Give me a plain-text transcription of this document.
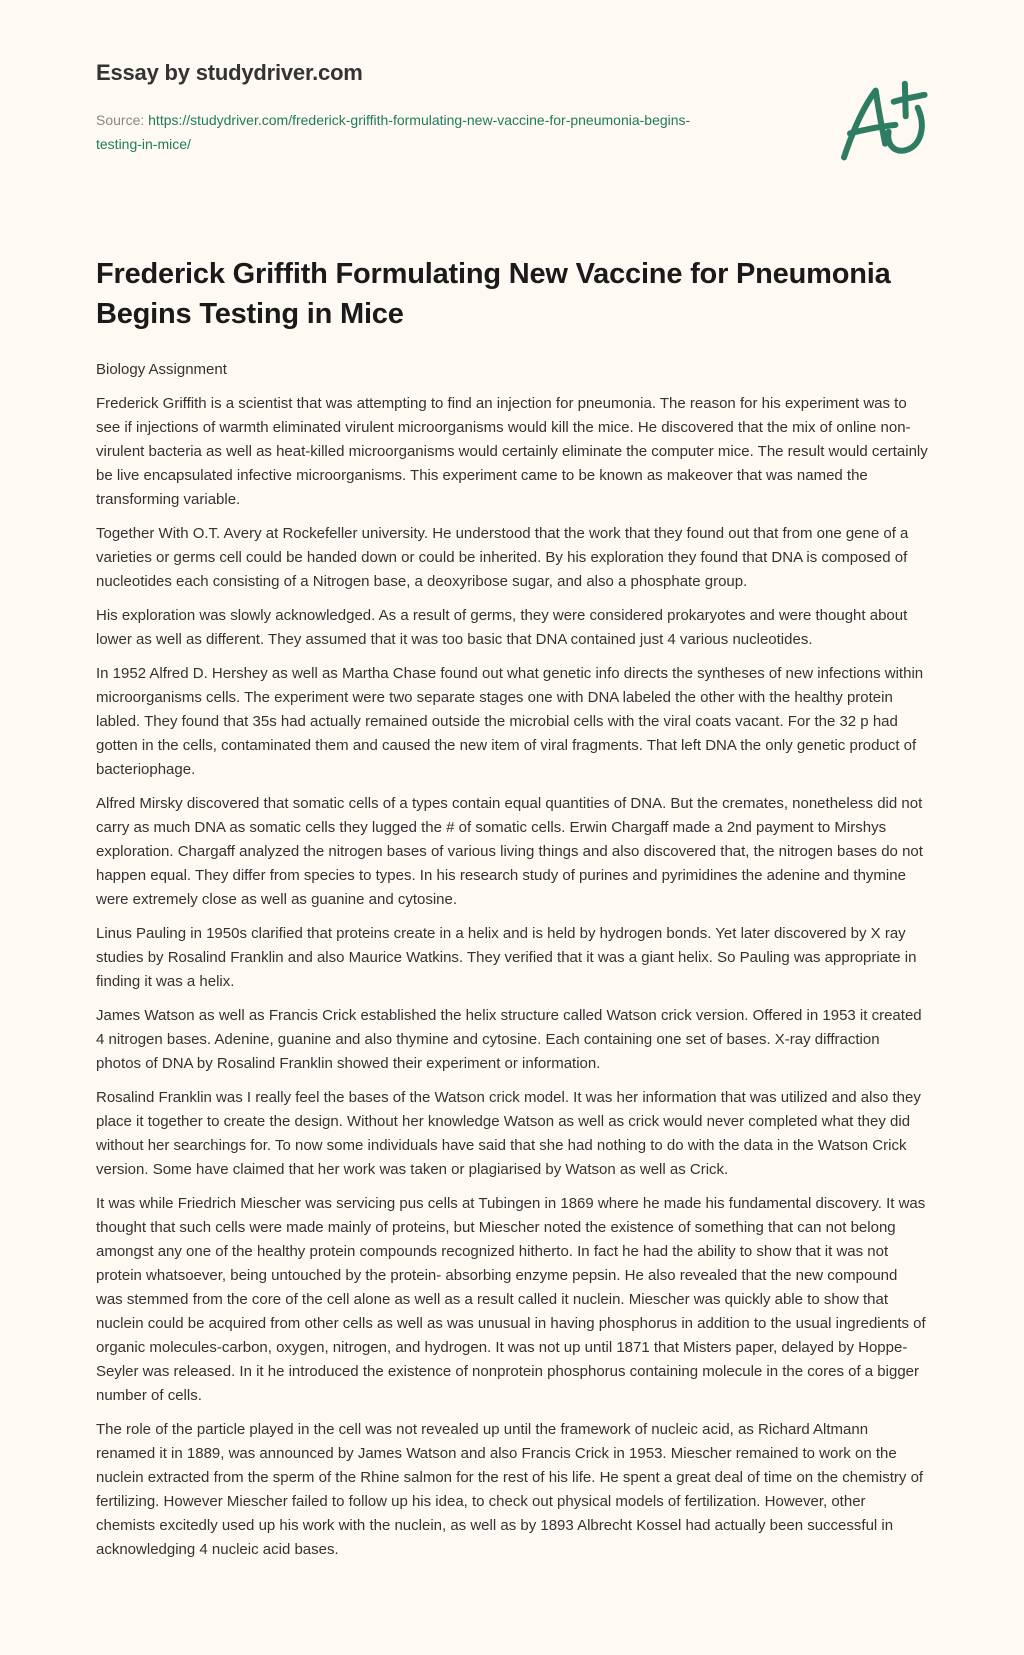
Essay by studydriver.com
Source: https://studydriver.com/frederick-griffith-formulating-new-vaccine-for-pneumonia-begins-testing-in-mice/
Frederick Griffith Formulating New Vaccine for Pneumonia Begins Testing in Mice

Biology Assignment

Frederick Griffith is a scientist that was attempting to find an injection for pneumonia. The reason for his experiment was to see if injections of warmth eliminated virulent microorganisms would kill the mice. He discovered that the mix of online non-virulent bacteria as well as heat-killed microorganisms would certainly eliminate the computer mice. The result would certainly be live encapsulated infective microorganisms. This experiment came to be known as makeover that was named the transforming variable.

Together With O.T. Avery at Rockefeller university. He understood that the work that they found out that from one gene of a varieties or germs cell could be handed down or could be inherited. By his exploration they found that DNA is composed of nucleotides each consisting of a Nitrogen base, a deoxyribose sugar, and also a phosphate group.

His exploration was slowly acknowledged. As a result of germs, they were considered prokaryotes and were thought about lower as well as different. They assumed that it was too basic that DNA contained just 4 various nucleotides.

In 1952 Alfred D. Hershey as well as Martha Chase found out what genetic info directs the syntheses of new infections within microorganisms cells. The experiment were two separate stages one with DNA labeled the other with the healthy protein labled. They found that 35s had actually remained outside the microbial cells with the viral coats vacant. For the 32 p had gotten in the cells, contaminated them and caused the new item of viral fragments. That left DNA the only genetic product of bacteriophage.

Alfred Mirsky discovered that somatic cells of a types contain equal quantities of DNA. But the cremates, nonetheless did not carry as much DNA as somatic cells they lugged the # of somatic cells. Erwin Chargaff made a 2nd payment to Mirshys exploration. Chargaff analyzed the nitrogen bases of various living things and also discovered that, the nitrogen bases do not happen equal. They differ from species to types. In his research study of purines and pyrimidines the adenine and thymine were extremely close as well as guanine and cytosine.

Linus Pauling in 1950s clarified that proteins create in a helix and is held by hydrogen bonds. Yet later discovered by X ray studies by Rosalind Franklin and also Maurice Watkins. They verified that it was a giant helix. So Pauling was appropriate in finding it was a helix.

James Watson as well as Francis Crick established the helix structure called Watson crick version. Offered in 1953 it created 4 nitrogen bases. Adenine, guanine and also thymine and cytosine. Each containing one set of bases. X-ray diffraction photos of DNA by Rosalind Franklin showed their experiment or information.

Rosalind Franklin was I really feel the bases of the Watson crick model. It was her information that was utilized and also they place it together to create the design. Without her knowledge Watson as well as crick would never completed what they did without her searchings for. To now some individuals have said that she had nothing to do with the data in the Watson Crick version. Some have claimed that her work was taken or plagiarised by Watson as well as Crick.

It was while Friedrich Miescher was servicing pus cells at Tubingen in 1869 where he made his fundamental discovery. It was thought that such cells were made mainly of proteins, but Miescher noted the existence of something that can not belong amongst any one of the healthy protein compounds recognized hitherto. In fact he had the ability to show that it was not protein whatsoever, being untouched by the protein- absorbing enzyme pepsin. He also revealed that the new compound was stemmed from the core of the cell alone as well as a result called it nuclein. Miescher was quickly able to show that nuclein could be acquired from other cells as well as was unusual in having phosphorus in addition to the usual ingredients of organic molecules-carbon, oxygen, nitrogen, and hydrogen. It was not up until 1871 that Misters paper, delayed by Hoppe-Seyler was released. In it he introduced the existence of nonprotein phosphorus containing molecule in the cores of a bigger number of cells.

The role of the particle played in the cell was not revealed up until the framework of nucleic acid, as Richard Altmann renamed it in 1889, was announced by James Watson and also Francis Crick in 1953. Miescher remained to work on the nuclein extracted from the sperm of the Rhine salmon for the rest of his life. He spent a great deal of time on the chemistry of fertilizing. However Miescher failed to follow up his idea, to check out physical models of fertilization. However, other chemists excitedly used up his work with the nuclein, as well as by 1893 Albrecht Kossel had actually been successful in acknowledging 4 nucleic acid bases.
